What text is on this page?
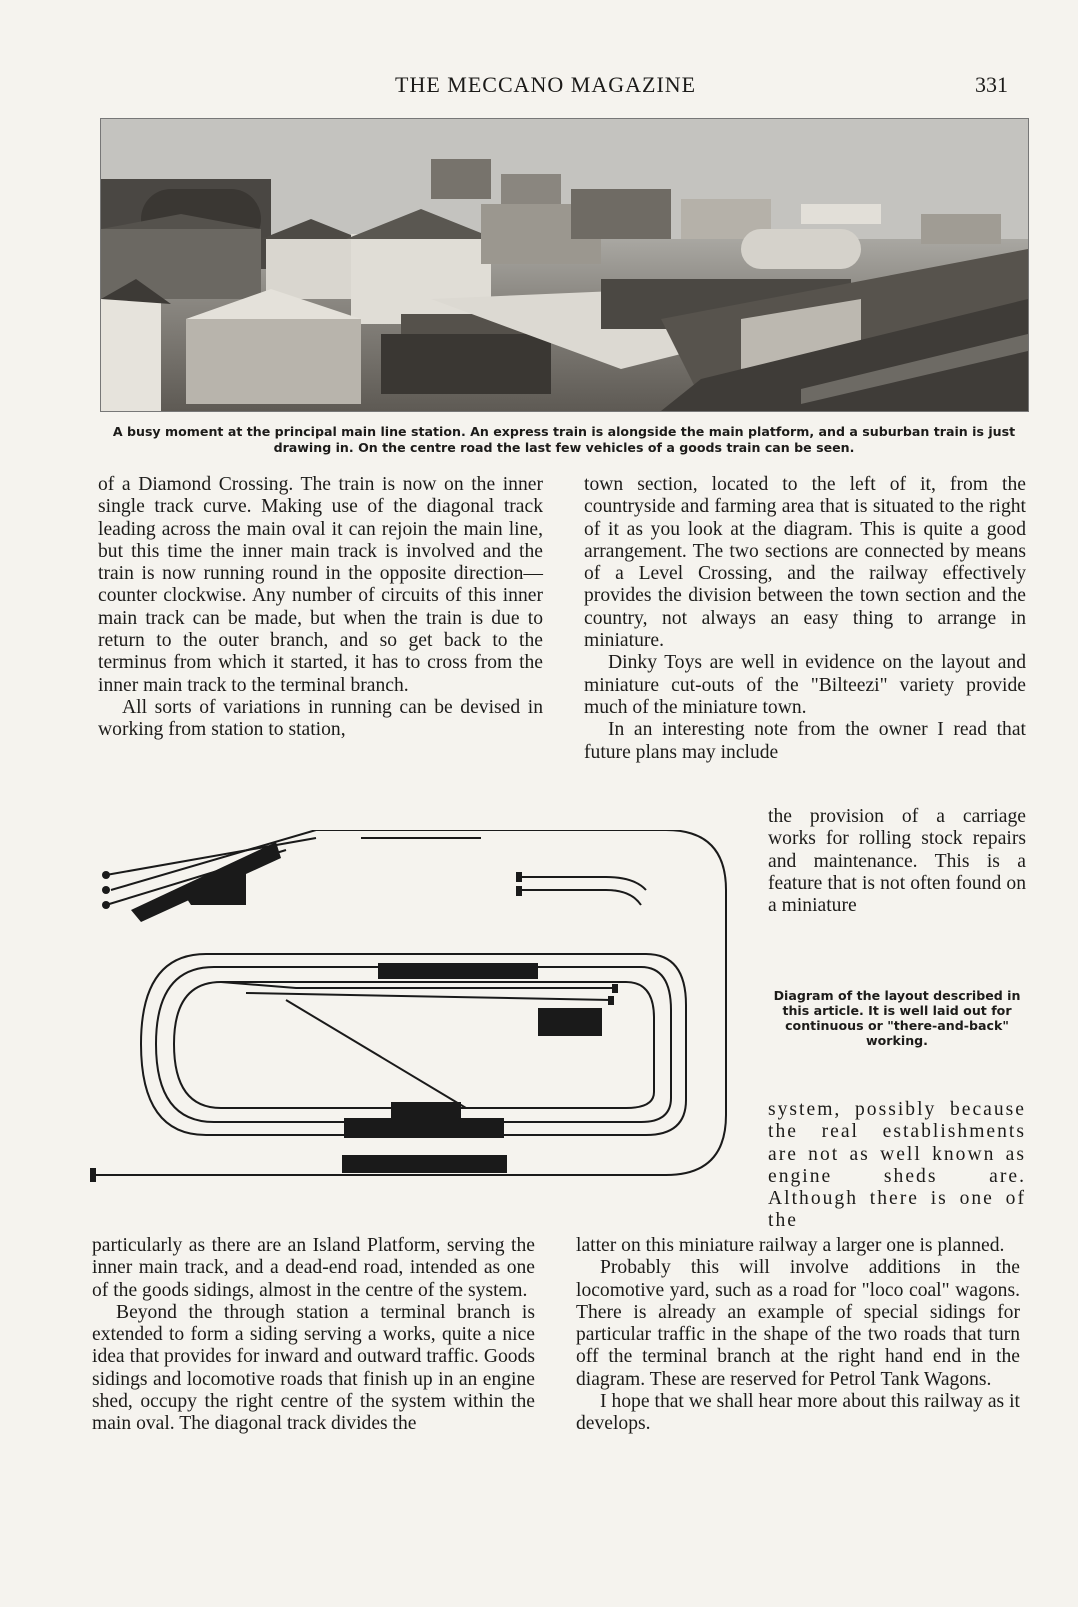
THE MECCANO MAGAZINE	331
A busy moment at the principal main line station. An express train is alongside the main platform, and a suburban train is just drawing in. On the centre road the last few vehicles of a goods train can be seen.

of a Diamond Crossing. The train is now on the inner single track curve. Making use of the diagonal track leading across the main oval it can rejoin the main line, but this time the inner main track is involved and the train is now running round in the opposite direction—counter clockwise. Any number of circuits of this inner main track can be made, but when the train is due to return to the outer branch, and so get back to the terminus from which it started, it has to cross from the inner main track to the terminal branch.

All sorts of variations in running can be devised in working from station to station,

town section, located to the left of it, from the countryside and farming area that is situated to the right of it as you look at the diagram. This is quite a good arrangement. The two sections are connected by means of a Level Crossing, and the railway effectively provides the division between the town section and the country, not always an easy thing to arrange in miniature.

Dinky Toys are well in evidence on the layout and miniature cut-outs of the "Bilteezi" variety provide much of the miniature town.

In an interesting note from the owner I read that future plans may include

the provision of a carriage works for rolling stock repairs and maintenance. This is a feature that is not often found on a miniature

Diagram of the layout described in this article. It is well laid out for continuous or "there-and-back" working.

system, possibly because the real establishments are not as well known as engine sheds are. Although there is one of the

particularly as there are an Island Platform, serving the inner main track, and a dead-end road, intended as one of the goods sidings, almost in the centre of the system.

Beyond the through station a terminal branch is extended to form a siding serving a works, quite a nice idea that provides for inward and outward traffic. Goods sidings and locomotive roads that finish up in an engine shed, occupy the right centre of the system within the main oval. The diagonal track divides the

latter on this miniature railway a larger one is planned.

Probably this will involve additions in the locomotive yard, such as a road for "loco coal" wagons. There is already an example of special sidings for particular traffic in the shape of the two roads that turn off the terminal branch at the right hand end in the diagram. These are reserved for Petrol Tank Wagons.

I hope that we shall hear more about this railway as it develops.
